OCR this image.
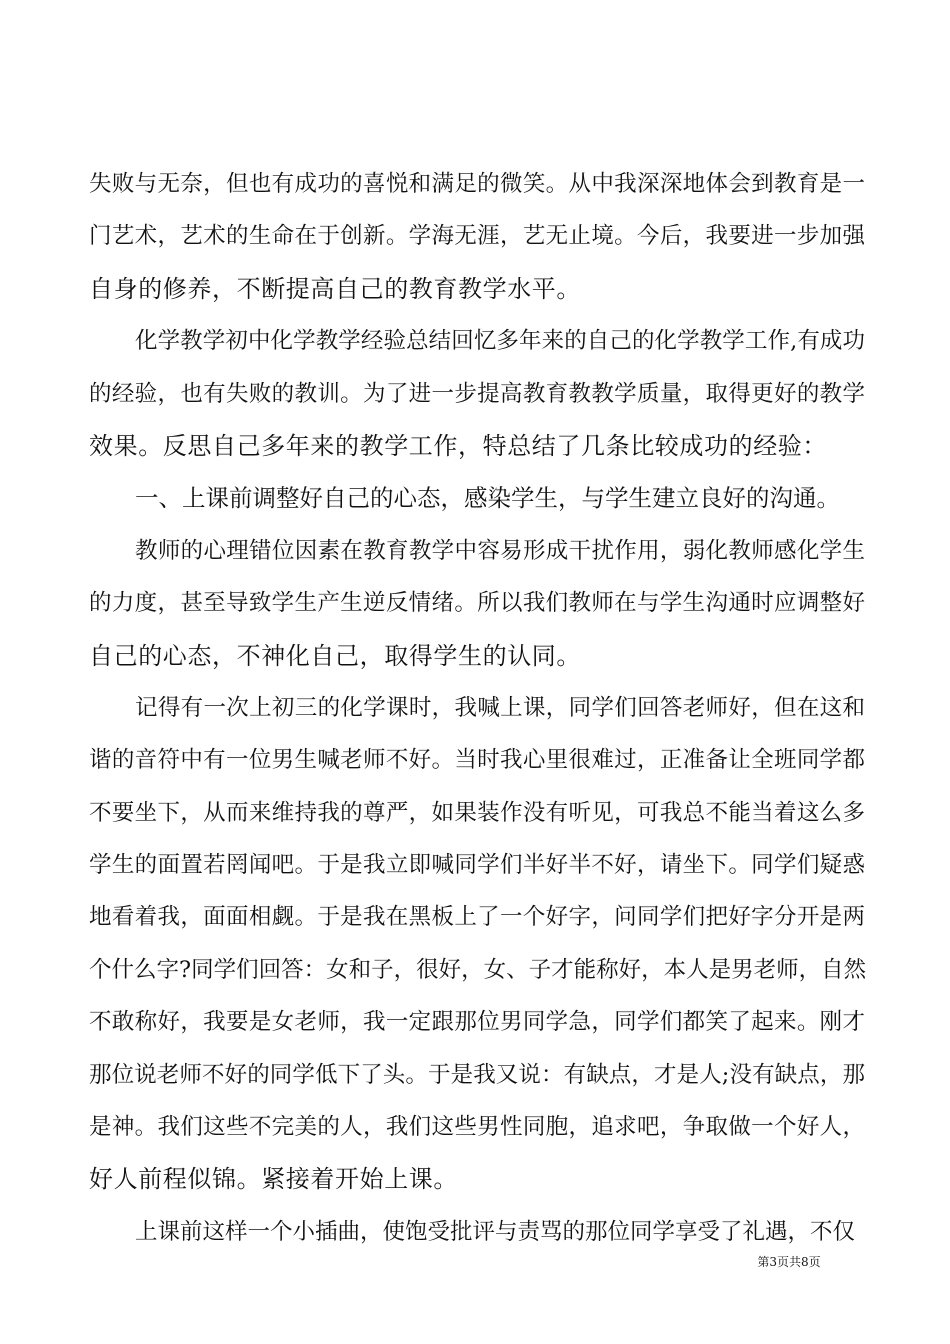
失败与无奈，但也有成功的喜悦和满足的微笑。从中我深深地体会到教育是一
门艺术，艺术的生命在于创新。学海无涯，艺无止境。今后，我要进一步加强
自身的修养，不断提高自己的教育教学水平。
化学教学初中化学教学经验总结回忆多年来的自己的化学教学工作,有成功
的经验，也有失败的教训。为了进一步提高教育教教学质量，取得更好的教学
效果。反思自己多年来的教学工作，特总结了几条比较成功的经验：
一、上课前调整好自己的心态，感染学生，与学生建立良好的沟通。
教师的心理错位因素在教育教学中容易形成干扰作用，弱化教师感化学生
的力度，甚至导致学生产生逆反情绪。所以我们教师在与学生沟通时应调整好
自己的心态，不神化自己，取得学生的认同。
记得有一次上初三的化学课时，我喊上课，同学们回答老师好，但在这和
谐的音符中有一位男生喊老师不好。当时我心里很难过，正准备让全班同学都
不要坐下，从而来维持我的尊严，如果装作没有听见，可我总不能当着这么多
学生的面置若罔闻吧。于是我立即喊同学们半好半不好，请坐下。同学们疑惑
地看着我，面面相觑。于是我在黑板上了一个好字，问同学们把好字分开是两
个什么字?同学们回答：女和子，很好，女、子才能称好，本人是男老师，自然
不敢称好，我要是女老师，我一定跟那位男同学急，同学们都笑了起来。刚才
那位说老师不好的同学低下了头。于是我又说：有缺点，才是人;没有缺点，那
是神。我们这些不完美的人，我们这些男性同胞，追求吧，争取做一个好人，
好人前程似锦。紧接着开始上课。
上课前这样一个小插曲，使饱受批评与责骂的那位同学享受了礼遇，不仅
第3页共8页
